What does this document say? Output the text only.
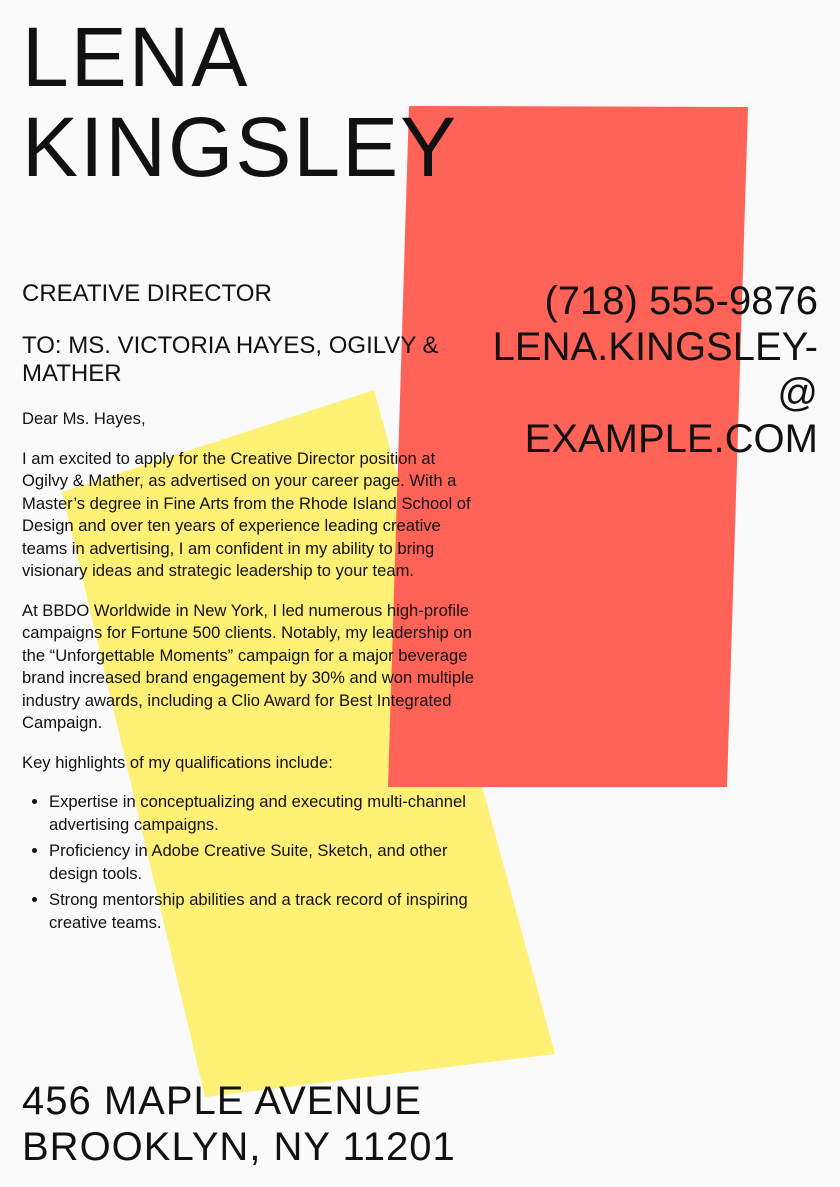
LENA
KINGSLEY
CREATIVE DIRECTOR
TO: MS. VICTORIA HAYES, OGILVY & MATHER
(718) 555-9876
LENA.KINGSLEY-
@
EXAMPLE.COM

Dear Ms. Hayes,

I am excited to apply for the Creative Director position at Ogilvy & Mather, as advertised on your career page. With a Master’s degree in Fine Arts from the Rhode Island School of Design and over ten years of experience leading creative teams in advertising, I am confident in my ability to bring visionary ideas and strategic leadership to your team.

At BBDO Worldwide in New York, I led numerous high-profile campaigns for Fortune 500 clients. Notably, my leadership on the “Unforgettable Moments” campaign for a major beverage brand increased brand engagement by 30% and won multiple industry awards, including a Clio Award for Best Integrated Campaign.

Key highlights of my qualifications include:

• Expertise in conceptualizing and executing multi-channel advertising campaigns.
• Proficiency in Adobe Creative Suite, Sketch, and other design tools.
• Strong mentorship abilities and a track record of inspiring creative teams.
456 MAPLE AVENUE
BROOKLYN, NY 11201
